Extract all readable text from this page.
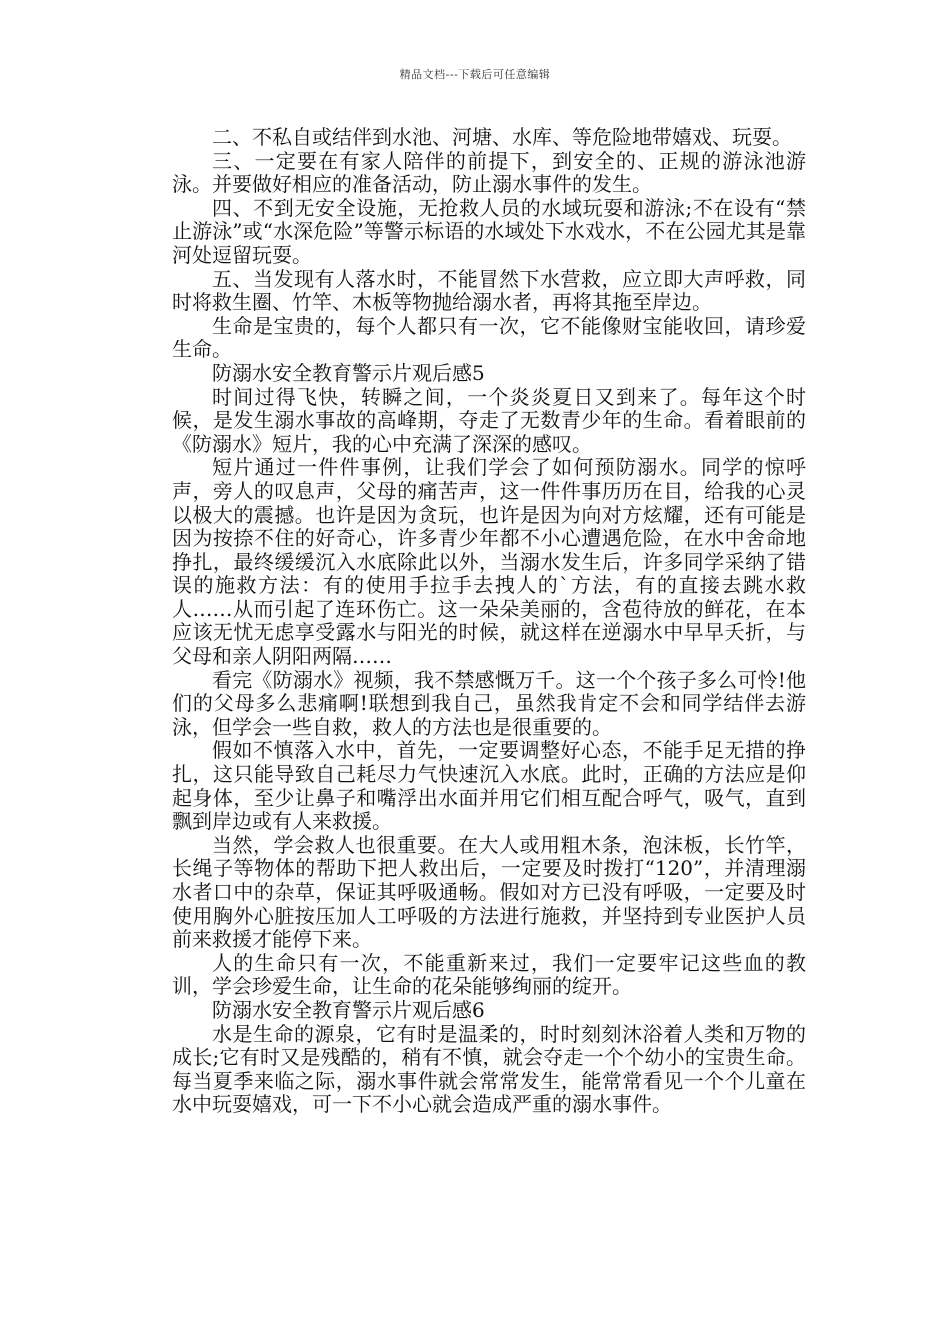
精品文档---下载后可任意编辑

二、不私自或结伴到水池、河塘、水库、等危险地带嬉戏、玩耍。

三、一定要在有家人陪伴的前提下，到安全的、正规的游泳池游泳。并要做好相应的准备活动，防止溺水事件的发生。

四、不到无安全设施，无抢救人员的水域玩耍和游泳;不在设有“禁止游泳”或“水深危险”等警示标语的水域处下水戏水，不在公园尤其是靠河处逗留玩耍。

五、当发现有人落水时，不能冒然下水营救，应立即大声呼救，同时将救生圈、竹竿、木板等物抛给溺水者，再将其拖至岸边。

生命是宝贵的，每个人都只有一次，它不能像财宝能收回，请珍爱生命。

防溺水安全教育警示片观后感5

时间过得飞快，转瞬之间，一个炎炎夏日又到来了。每年这个时候，是发生溺水事故的高峰期，夺走了无数青少年的生命。看着眼前的《防溺水》短片，我的心中充满了深深的感叹。

短片通过一件件事例，让我们学会了如何预防溺水。同学的惊呼声，旁人的叹息声，父母的痛苦声，这一件件事历历在目，给我的心灵以极大的震撼。也许是因为贪玩，也许是因为向对方炫耀，还有可能是因为按捺不住的好奇心，许多青少年都不小心遭遇危险，在水中舍命地挣扎，最终缓缓沉入水底除此以外，当溺水发生后，许多同学采纳了错误的施救方法：有的使用手拉手去拽人的`方法，有的直接去跳水救人……从而引起了连环伤亡。这一朵朵美丽的，含苞待放的鲜花，在本应该无忧无虑享受露水与阳光的时候，就这样在逆溺水中早早夭折，与父母和亲人阴阳两隔……

看完《防溺水》视频，我不禁感慨万千。这一个个孩子多么可怜!他们的父母多么悲痛啊!联想到我自己，虽然我肯定不会和同学结伴去游泳，但学会一些自救，救人的方法也是很重要的。

假如不慎落入水中，首先，一定要调整好心态，不能手足无措的挣扎，这只能导致自己耗尽力气快速沉入水底。此时，正确的方法应是仰起身体，至少让鼻子和嘴浮出水面并用它们相互配合呼气，吸气，直到飘到岸边或有人来救援。

当然，学会救人也很重要。在大人或用粗木条，泡沫板，长竹竿，长绳子等物体的帮助下把人救出后，一定要及时拨打“120”，并清理溺水者口中的杂草，保证其呼吸通畅。假如对方已没有呼吸，一定要及时使用胸外心脏按压加人工呼吸的方法进行施救，并坚持到专业医护人员前来救援才能停下来。

人的生命只有一次，不能重新来过，我们一定要牢记这些血的教训，学会珍爱生命，让生命的花朵能够绚丽的绽开。

防溺水安全教育警示片观后感6

水是生命的源泉，它有时是温柔的，时时刻刻沐浴着人类和万物的成长;它有时又是残酷的，稍有不慎，就会夺走一个个幼小的宝贵生命。每当夏季来临之际，溺水事件就会常常发生，能常常看见一个个儿童在水中玩耍嬉戏，可一下不小心就会造成严重的溺水事件。
